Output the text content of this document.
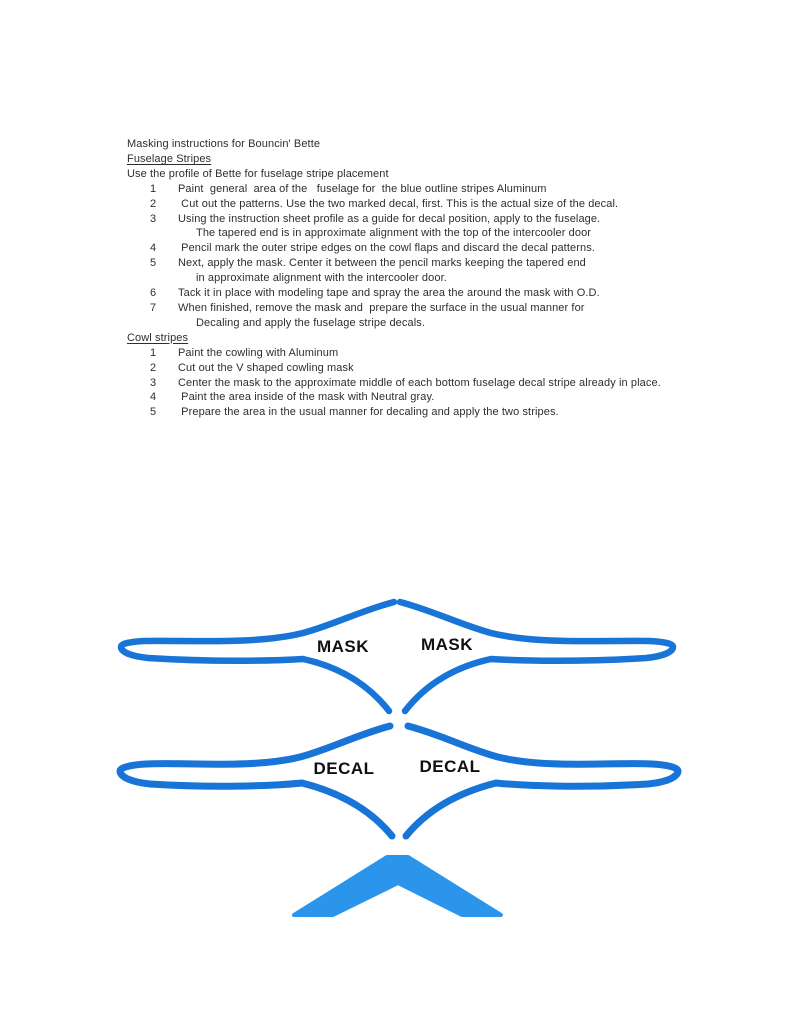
Masking instructions for Bouncin' Bette
Fuselage Stripes
Use the profile of Bette for fuselage stripe placement
1	Paint  general  area of the   fuselage for  the blue outline stripes Aluminum
2	Cut out the patterns. Use the two marked decal, first. This is the actual size of the decal.
3	Using the instruction sheet profile as a guide for decal position, apply to the fuselage.
The tapered end is in approximate alignment with the top of the intercooler door
4	Pencil mark the outer stripe edges on the cowl flaps and discard the decal patterns.
5	Next, apply the mask. Center it between the pencil marks keeping the tapered end
in approximate alignment with the intercooler door.
6	Tack it in place with modeling tape and spray the area the around the mask with O.D.
7	When finished, remove the mask and  prepare the surface in the usual manner for
Decaling and apply the fuselage stripe decals.
Cowl stripes
1	Paint the cowling with Aluminum
2	Cut out the V shaped cowling mask
3	Center the mask to the approximate middle of each bottom fuselage decal stripe already in place.
4	Paint the area inside of the mask with Neutral gray.
5	Prepare the area in the usual manner for decaling and apply the two stripes.
MASK	MASK
DECAL	DECAL
